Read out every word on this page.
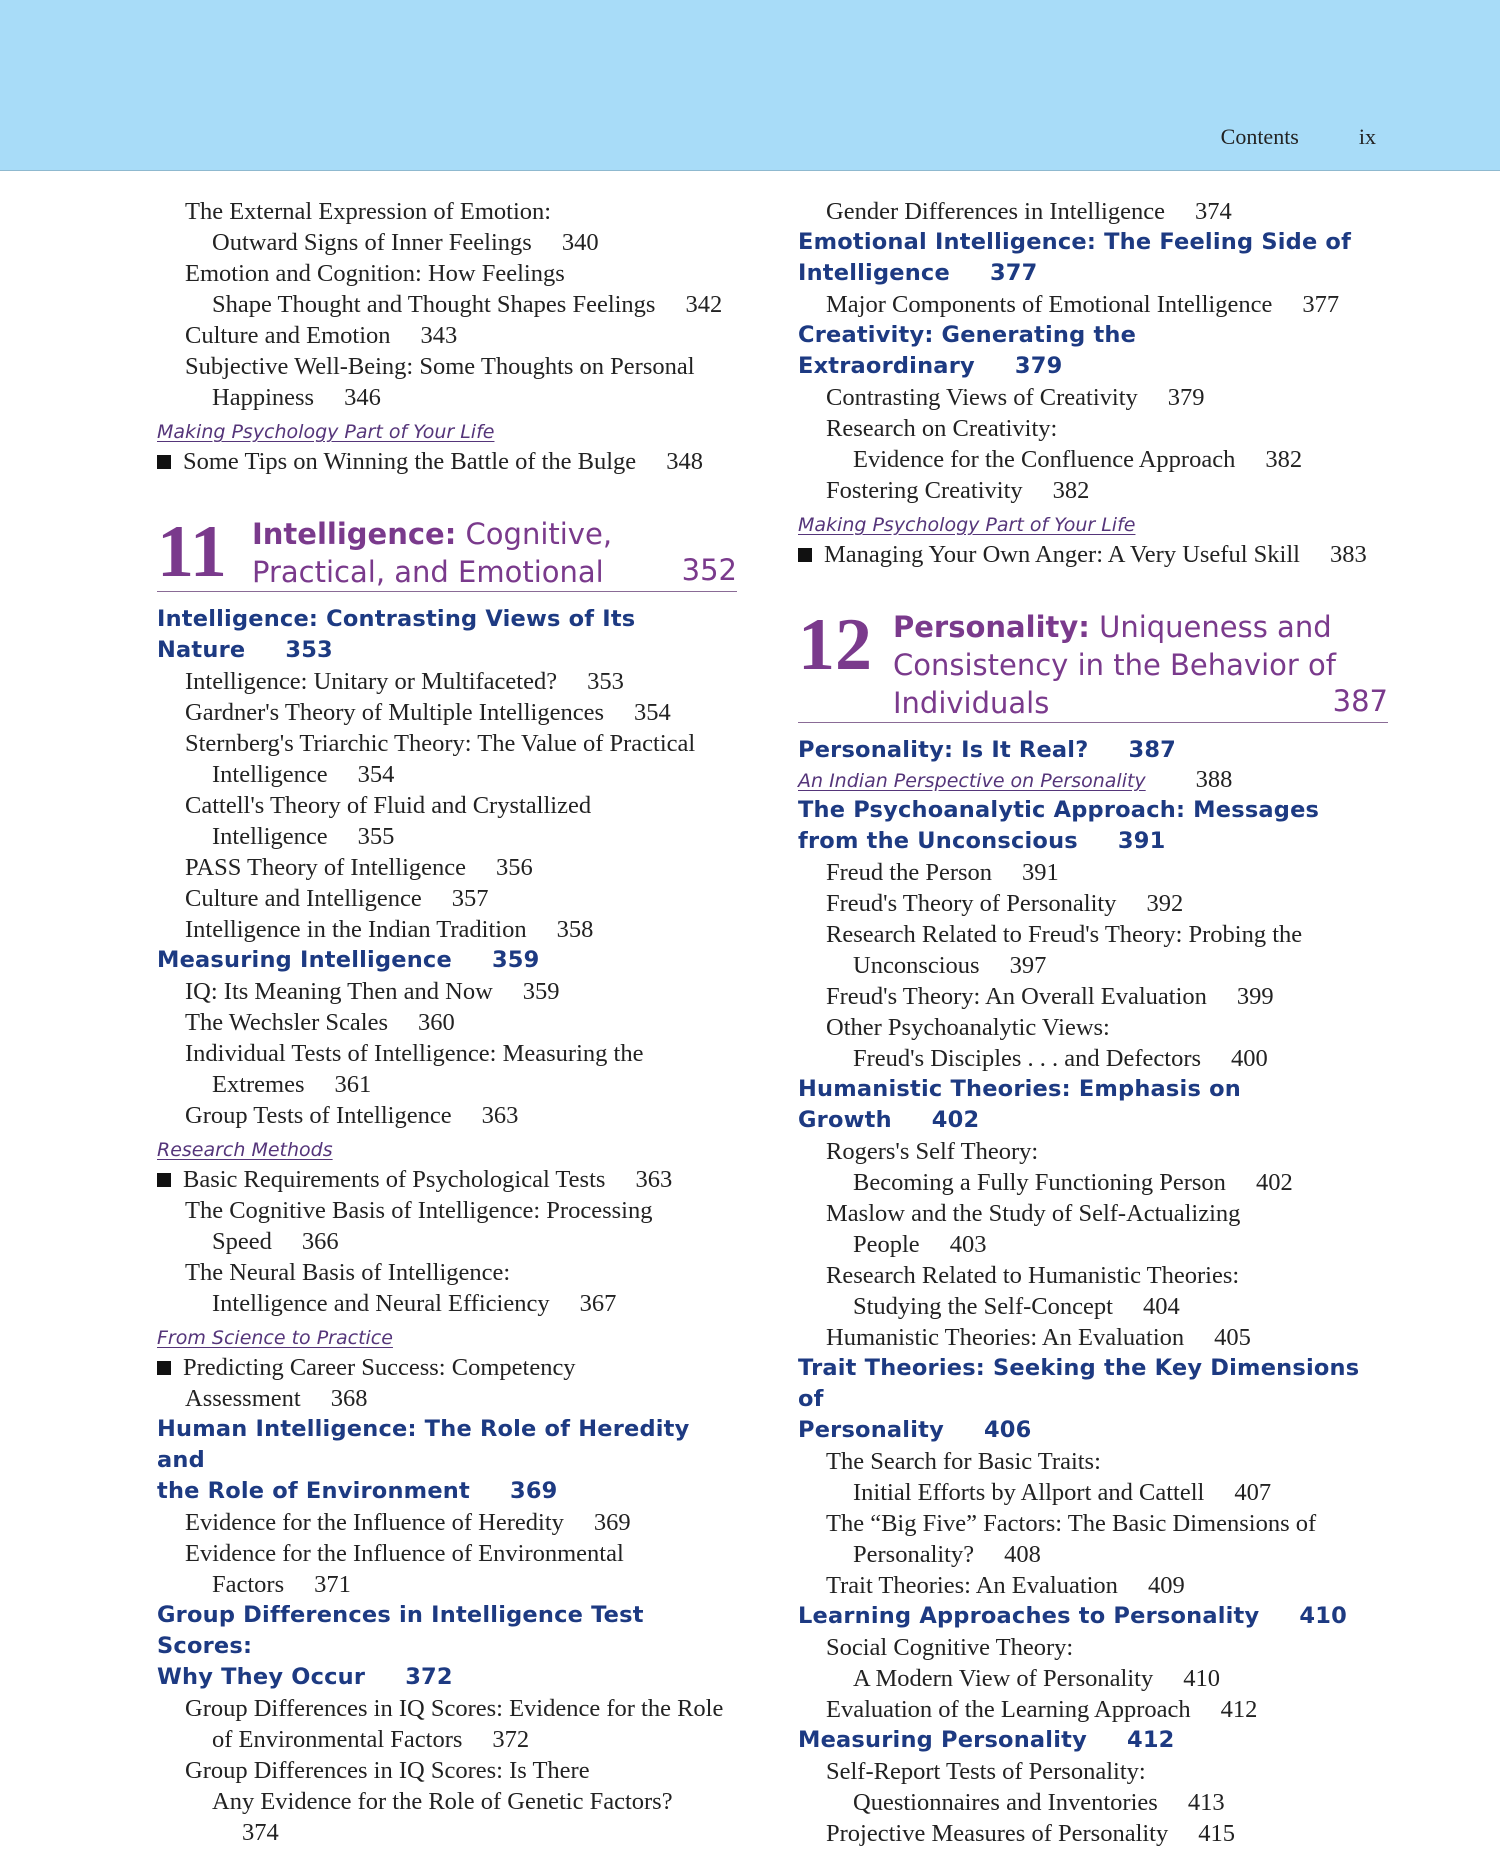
Contents	ix
The External Expression of Emotion:
Outward Signs of Inner Feelings 340
Emotion and Cognition: How Feelings
Shape Thought and Thought Shapes Feelings 342
Culture and Emotion 343
Subjective Well-Being: Some Thoughts on Personal
Happiness 346
Making Psychology Part of Your Life
Some Tips on Winning the Battle of the Bulge 348
11 Intelligence: Cognitive,
Practical, and Emotional	352
Intelligence: Contrasting Views of Its
Nature 353
Intelligence: Unitary or Multifaceted? 353
Gardner's Theory of Multiple Intelligences 354
Sternberg's Triarchic Theory: The Value of Practical
Intelligence 354
Cattell's Theory of Fluid and Crystallized
Intelligence 355
PASS Theory of Intelligence 356
Culture and Intelligence 357
Intelligence in the Indian Tradition 358
Measuring Intelligence 359
IQ: Its Meaning Then and Now 359
The Wechsler Scales 360
Individual Tests of Intelligence: Measuring the
Extremes 361
Group Tests of Intelligence 363
Research Methods
Basic Requirements of Psychological Tests 363
The Cognitive Basis of Intelligence: Processing
Speed 366
The Neural Basis of Intelligence:
Intelligence and Neural Efficiency 367
From Science to Practice
Predicting Career Success: Competency
Assessment 368
Human Intelligence: The Role of Heredity and
the Role of Environment 369
Evidence for the Influence of Heredity 369
Evidence for the Influence of Environmental
Factors 371
Group Differences in Intelligence Test Scores:
Why They Occur 372
Group Differences in IQ Scores: Evidence for the Role
of Environmental Factors 372
Group Differences in IQ Scores: Is There
Any Evidence for the Role of Genetic Factors?374
Gender Differences in Intelligence 374
Emotional Intelligence: The Feeling Side of
Intelligence 377
Major Components of Emotional Intelligence 377
Creativity: Generating the Extraordinary 379
Contrasting Views of Creativity 379
Research on Creativity:
Evidence for the Confluence Approach 382
Fostering Creativity 382
Making Psychology Part of Your Life
Managing Your Own Anger: A Very Useful Skill 383
12 Personality: Uniqueness and
Consistency in the Behavior of
Individuals	387
Personality: Is It Real? 387
An Indian Perspective on Personality 388
The Psychoanalytic Approach: Messages
from the Unconscious 391
Freud the Person 391
Freud's Theory of Personality 392
Research Related to Freud's Theory: Probing the
Unconscious 397
Freud's Theory: An Overall Evaluation 399
Other Psychoanalytic Views:
Freud's Disciples . . . and Defectors 400
Humanistic Theories: Emphasis on Growth 402
Rogers's Self Theory:
Becoming a Fully Functioning Person 402
Maslow and the Study of Self-Actualizing
People 403
Research Related to Humanistic Theories:
Studying the Self-Concept 404
Humanistic Theories: An Evaluation 405
Trait Theories: Seeking the Key Dimensions of
Personality 406
The Search for Basic Traits:
Initial Efforts by Allport and Cattell 407
The “Big Five” Factors: The Basic Dimensions of
Personality? 408
Trait Theories: An Evaluation 409
Learning Approaches to Personality 410
Social Cognitive Theory:
A Modern View of Personality 410
Evaluation of the Learning Approach 412
Measuring Personality 412
Self-Report Tests of Personality:
Questionnaires and Inventories 413
Projective Measures of Personality 415
